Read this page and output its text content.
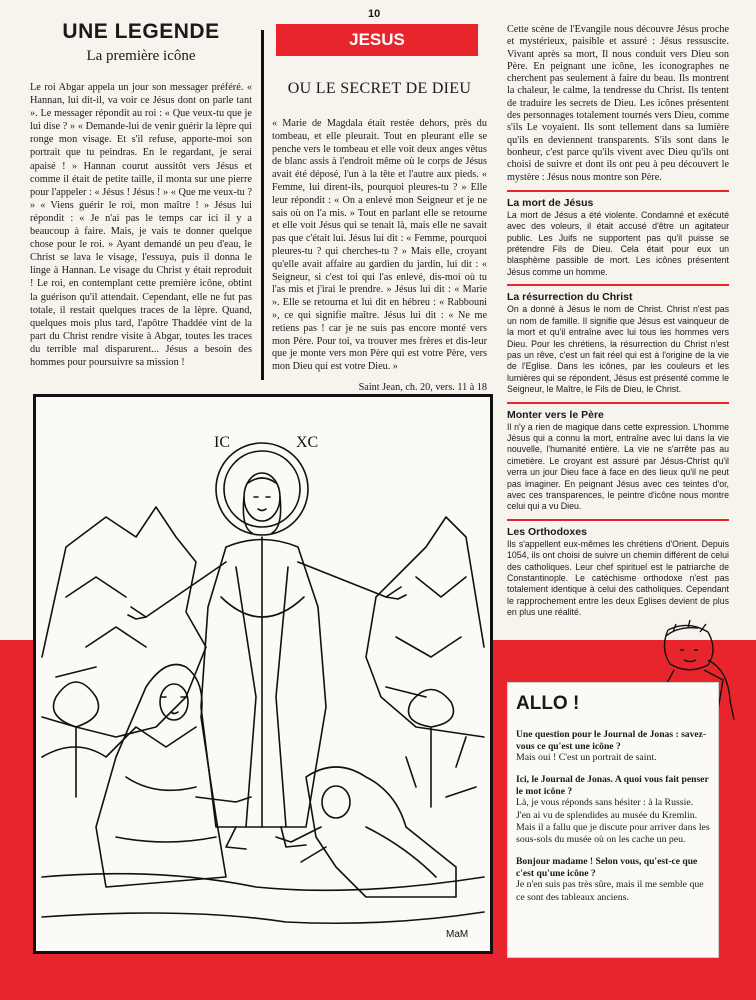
10
UNE LEGENDE
La première icône
Le roi Abgar appela un jour son messager préféré. « Hannan, lui dit-il, va voir ce Jésus dont on parle tant ». Le messager répondit au roi : « Que veux-tu que je lui dise ? » « Demande-lui de venir guérir la lèpre qui ronge mon visage. Et s'il refuse, apporte-moi son portrait que tu peindras. En le regardant, je serai apaisé ! » Hannan courut aussitôt vers Jésus et comme il était de petite taille, il monta sur une pierre pour l'appeler : « Jésus ! Jésus ! » « Que me veux-tu ? » « Viens guérir le roi, mon maître ! » Jésus lui répondit : « Je n'ai pas le temps car ici il y a beaucoup à faire. Mais, je vais te donner quelque chose pour le roi. » Ayant demandé un peu d'eau, le Christ se lava le visage, l'essuya, puis il donna le linge à Hannan. Le visage du Christ y était reproduit ! Le roi, en contemplant cette première icône, obtint la guérison qu'il attendait. Cependant, elle ne fut pas totale, il restait quelques traces de la lèpre. Quand, quelques mois plus tard, l'apôtre Thaddée vint de la part du Christ rendre visite à Abgar, toutes les traces du terrible mal disparurent... Jésus a besoin des hommes pour poursuivre sa mission !
JESUS
OU LE SECRET DE DIEU
« Marie de Magdala était restée dehors, près du tombeau, et elle pleurait. Tout en pleurant elle se penche vers le tombeau et elle voit deux anges vêtus de blanc assis à l'endroit même où le corps de Jésus avait été déposé, l'un à la tête et l'autre aux pieds. « Femme, lui dirent-ils, pourquoi pleures-tu ? » Elle leur répondit : « On a enlevé mon Seigneur et je ne sais où on l'a mis. » Tout en parlant elle se retourne et elle voit Jésus qui se tenait là, mais elle ne savait pas que c'était lui. Jésus lui dit : « Femme, pourquoi pleures-tu ? qui cherches-tu ? » Mais elle, croyant qu'elle avait affaire au gardien du jardin, lui dit : « Seigneur, si c'est toi qui l'as enlevé, dis-moi où tu l'as mis et j'irai le prendre. » Jésus lui dit : « Marie ». Elle se retourna et lui dit en hébreu : « Rabbouni », ce qui signifie maître. Jésus lui dit : « Ne me retiens pas ! car je ne suis pas encore monté vers mon Père. Pour toi, va trouver mes frères et dis-leur que je monte vers mon Père qui est votre Père, vers mon Dieu qui est votre Dieu. »
Saint Jean, ch. 20, vers. 11 à 18
Cette scène de l'Evangile nous découvre Jésus proche et mystérieux, paisible et assuré : Jésus ressuscite. Vivant après sa mort, Il nous conduit vers Dieu son Père. En peignant une icône, les iconographes ne cherchent pas seulement à faire du beau. Ils montrent la chaleur, le calme, la tendresse du Christ. Ils tentent de traduire les secrets de Dieu. Les icônes présentent des personnages totalement tournés vers Dieu, comme s'ils Le voyaient. Ils sont tellement dans sa lumière qu'ils en deviennent transparents. S'ils sont dans le bonheur, c'est parce qu'ils vivent avec Dieu qu'ils ont choisi de suivre et dont ils ont peu à peu découvert le mystère : Jésus nous montre son Père.
La mort de Jésus
La mort de Jésus a été violente. Condamné et exécuté avec des voleurs, il était accusé d'être un agitateur public. Les Juifs ne supportent pas qu'il puisse se prétendre Fils de Dieu. Cela était pour eux un blasphème passible de mort. Les icônes présentent Jésus comme un homme.
La résurrection du Christ
On a donné à Jésus le nom de Christ. Christ n'est pas un nom de famille. Il signifie que Jésus est vainqueur de la mort et qu'il entraîne avec lui tous les hommes vers Dieu. Pour les chrétiens, la résurrection du Christ n'est pas un rêve, c'est un fait réel qui est à l'origine de la vie de l'Eglise. Dans les icônes, par les couleurs et les lumières qui se répondent, Jésus est présenté comme le Seigneur, le Maître, le Fils de Dieu, le Christ.
Monter vers le Père
Il n'y a rien de magique dans cette expression. L'homme Jésus qui a connu la mort, entraîne avec lui dans la vie nouvelle, l'humanité entière. La vie ne s'arrête pas au cimetière. Le croyant est assuré par Jésus-Christ qu'il verra un jour Dieu face à face en des lieux qu'il ne peut pas imaginer. En peignant Jésus avec ces teintes d'or, avec ces transparences, le peintre d'icône nous montre celui qui a vu Dieu.
Les Orthodoxes
Ils s'appellent eux-mêmes les chrétiens d'Orient. Depuis 1054, ils ont choisi de suivre un chemin différent de celui des catholiques. Leur chef spirituel est le patriarche de Constantinople. Le catéchisme orthodoxe n'est pas totalement identique à celui des catholiques. Cependant le rapprochement entre les deux Eglises devient de plus en plus une réalité.
IC	XC
MaM
ALLO !
Une question pour le Journal de Jonas : savez-vous ce qu'est une icône ?
Mais oui ! C'est un portrait de saint.
Ici, le Journal de Jonas. A quoi vous fait penser le mot icône ?
Là, je vous réponds sans hésiter : à la Russie. J'en ai vu de splendides au musée du Kremlin. Mais il a fallu que je discute pour arriver dans les sous-sols du musée où on les cache un peu.
Bonjour madame ! Selon vous, qu'est-ce que c'est qu'une icône ?
Je n'en suis pas très sûre, mais il me semble que ce sont des tableaux anciens.
